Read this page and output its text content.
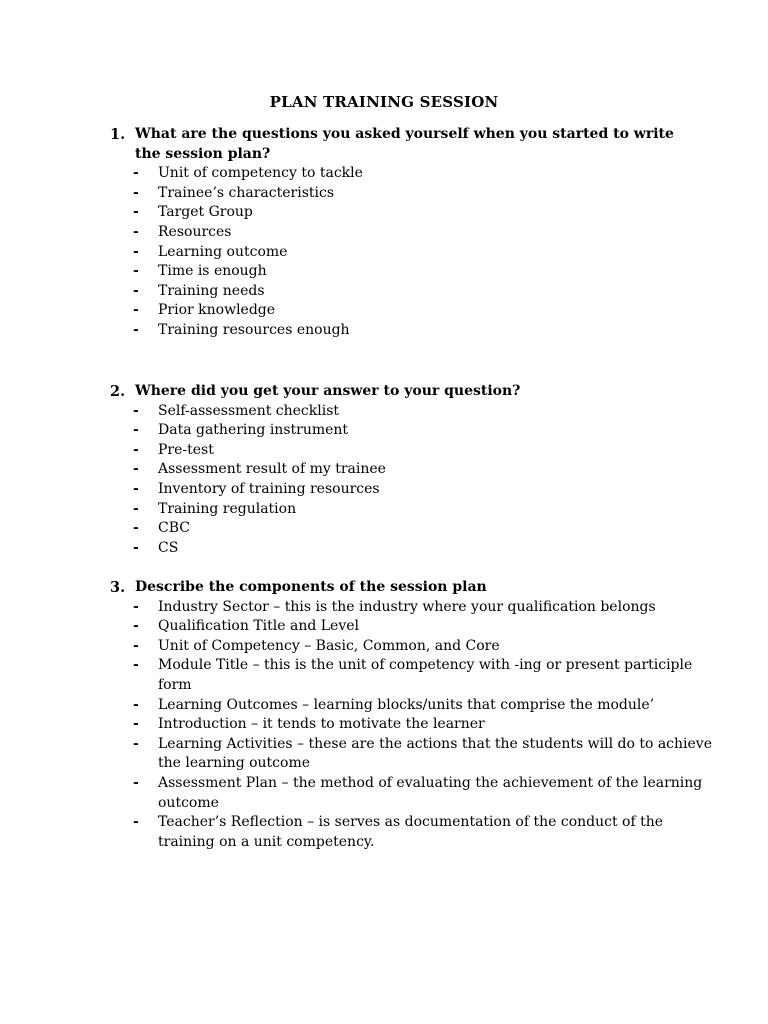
PLAN TRAINING SESSION
1. What are the questions you asked yourself when you started to write the session plan?
- Unit of competency to tackle
- Trainee’s characteristics
- Target Group
- Resources
- Learning outcome
- Time is enough
- Training needs
- Prior knowledge
- Training resources enough
2. Where did you get your answer to your question?
- Self-assessment checklist
- Data gathering instrument
- Pre-test
- Assessment result of my trainee
- Inventory of training resources
- Training regulation
- CBC
- CS
3. Describe the components of the session plan
- Industry Sector – this is the industry where your qualification belongs
- Qualification Title and Level
- Unit of Competency – Basic, Common, and Core
- Module Title – this is the unit of competency with -ing or present participle form
- Learning Outcomes – learning blocks/units that comprise the module’
- Introduction – it tends to motivate the learner
- Learning Activities – these are the actions that the students will do to achieve the learning outcome
- Assessment Plan – the method of evaluating the achievement of the learning outcome
- Teacher’s Reflection – is serves as documentation of the conduct of the training on a unit competency.
